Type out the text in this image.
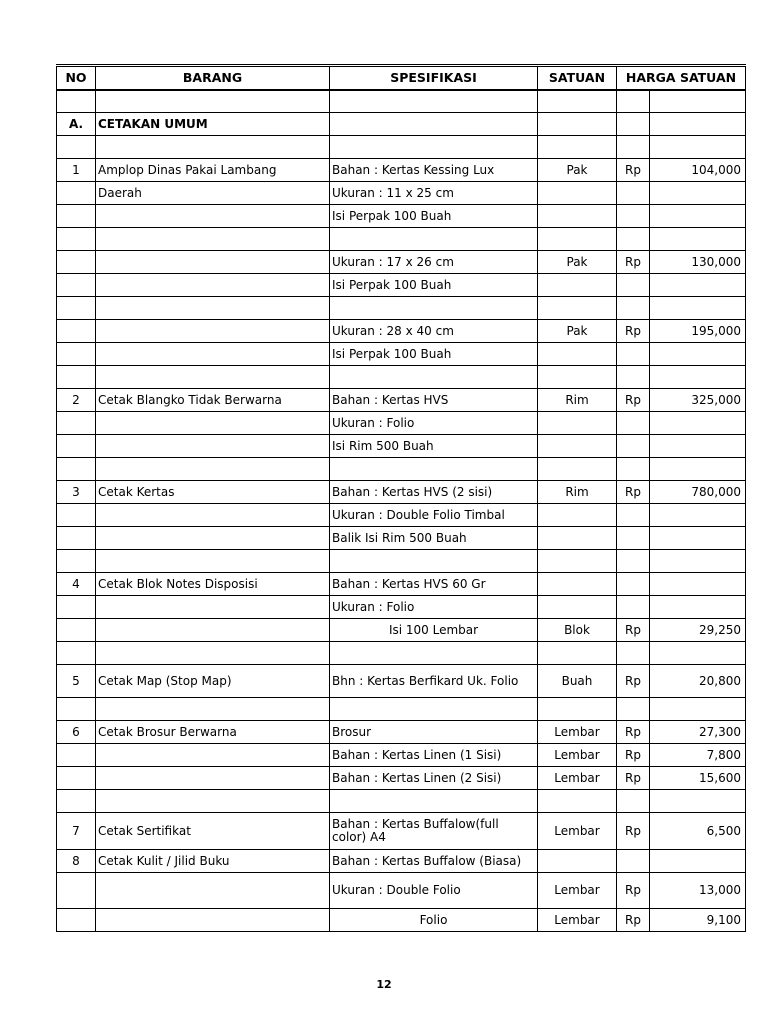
NO	BARANG	SPESIFIKASI	SATUAN	HARGA SATUAN	

A.	CETAKAN UMUM				

1	Amplop Dinas Pakai Lambang	Bahan : Kertas Kessing Lux	Pak	Rp	104,000
	Daerah	Ukuran : 11 x 25 cm			
		Isi Perpak 100 Buah			

		Ukuran : 17 x 26 cm	Pak	Rp	130,000
		Isi Perpak 100 Buah			

		Ukuran : 28 x 40 cm	Pak	Rp	195,000
		Isi Perpak 100 Buah			

2	Cetak Blangko Tidak Berwarna	Bahan : Kertas HVS	Rim	Rp	325,000
		Ukuran : Folio			
		Isi Rim 500 Buah			

3	Cetak Kertas	Bahan : Kertas HVS (2 sisi)	Rim	Rp	780,000
		Ukuran : Double Folio Timbal			
		Balik Isi Rim 500 Buah			

4	Cetak Blok Notes Disposisi	Bahan : Kertas HVS 60 Gr			
		Ukuran : Folio			
		Isi 100 Lembar	Blok	Rp	29,250

5	Cetak Map (Stop Map)	Bhn : Kertas Berfikard Uk. Folio	Buah	Rp	20,800

6	Cetak Brosur Berwarna	Brosur	Lembar	Rp	27,300
		Bahan : Kertas Linen (1 Sisi)	Lembar	Rp	7,800
		Bahan : Kertas Linen (2 Sisi)	Lembar	Rp	15,600

7	Cetak Sertifikat	Bahan : Kertas Buffalow(full color) A4	Lembar	Rp	6,500
8	Cetak Kulit / Jilid Buku	Bahan : Kertas Buffalow (Biasa)			
		Ukuran : Double Folio	Lembar	Rp	13,000
		Folio	Lembar	Rp	9,100
12
